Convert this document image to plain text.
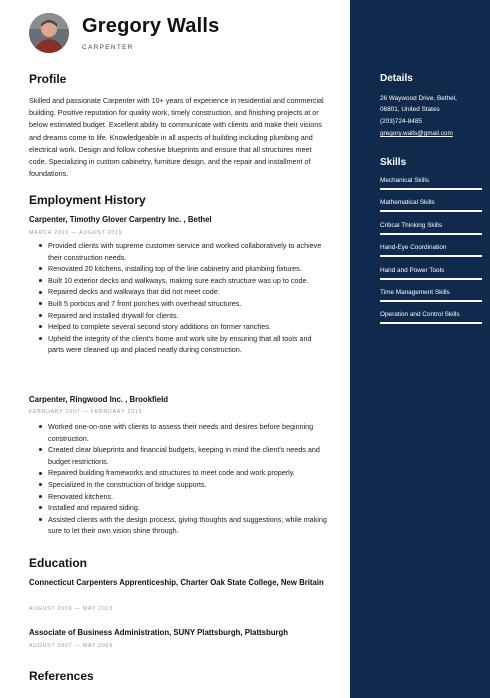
Gregory Walls
CARPENTER
Profile
Skilled and passionate Carpenter with 10+ years of experience in residential and commercial building. Positive reputation for quality work, timely construction, and finishing projects at or below estimated budget. Excellent ability to communicate with clients and make their visions and dreams come to life. Knowledgeable in all aspects of building including plumbing and electrical work. Design and follow cohesive blueprints and ensure that all structures meet code. Specializing in custom cabinetry, furniture design, and the repair and installment of foundations.
Employment History
Carpenter, Timothy Glover Carpentry Inc. , Bethel
MARCH 2015 — AUGUST 2019
Provided clients with supreme customer service and worked collaboratively to achieve their construction needs.
Renovated 20 kitchens, installing top of the line cabinetry and plumbing fixtures.
Built 10 exterior decks and walkways, making sure each structure was up to code.
Repaired decks and walkways that did not meet code.
Built 5 porticos and 7 front porches with overhead structures.
Repaired and installed drywall for clients.
Helped to complete several second story additions on former ranches.
Upheld the integrity of the client's home and work site by ensuring that all tools and parts were cleaned up and placed neatly during construction.
Carpenter, Ringwood Inc. , Brookfield
FEBRUARY 2007 — FEBRUARY 2015
Worked one-on-one with clients to assess their needs and desires before beginning construction.
Created clear blueprints and financial budgets, keeping in mind the client's needs and budget restrictions.
Repaired building frameworks and structures to meet code and work properly.
Specialized in the construction of bridge supports.
Renovated kitchens.
Installed and repaired siding.
Assisted clients with the design process, giving thoughts and suggestions, while making sure to let their own vision shine through.
Education
Connecticut Carpenters Apprenticeship, Charter Oak State College, New Britain
AUGUST 2009 — MAY 2013
Associate of Business Administration, SUNY Plattsburgh, Plattsburgh
AUGUST 2007 — MAY 2009
References
Details
26 Waywood Drive, Bethel,
06801, United States
(203)724-8485
gregory.walls@gmail.com
Skills
Mechanical Skills
Mathematical Skills
Critical Thinking Skills
Hand-Eye Coordination
Hand and Power Tools
Time Management Skills
Operation and Control Skills
